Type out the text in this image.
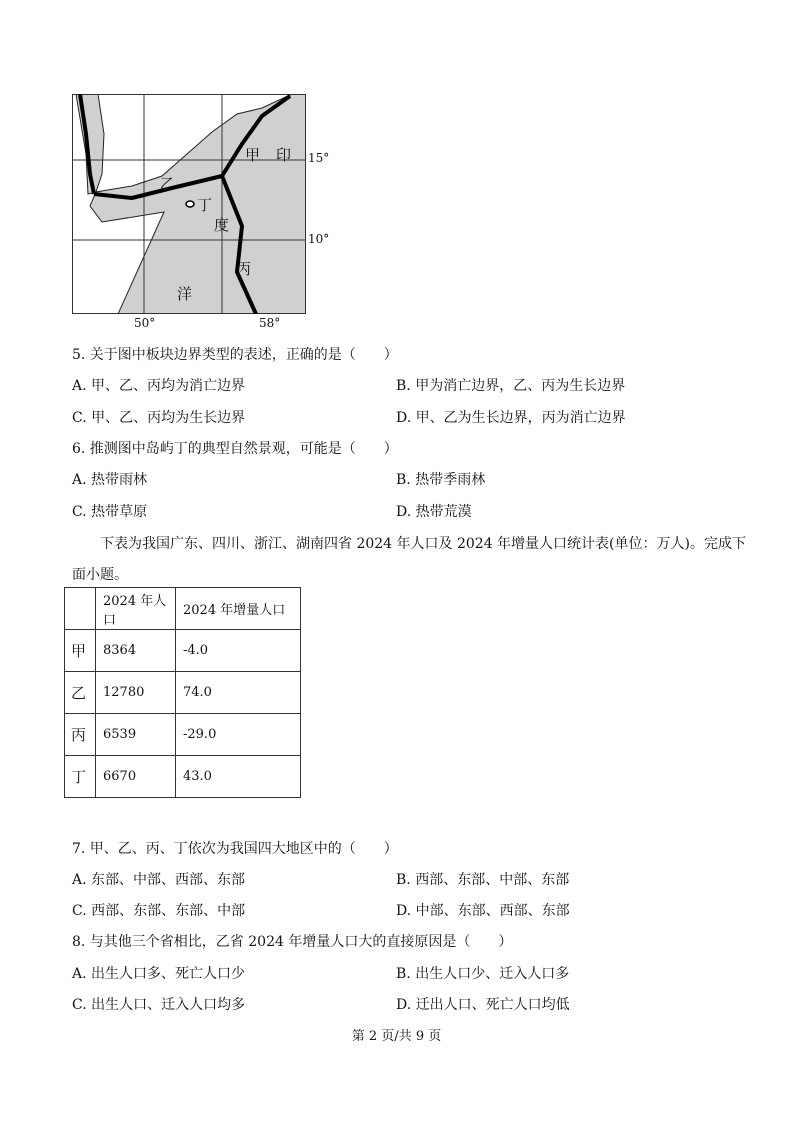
甲 印
乙
丁
度
丙
洋
15°
10°
50°	58°
5. 关于图中板块边界类型的表述，正确的是（　　）
A. 甲、乙、丙均为消亡边界	B. 甲为消亡边界，乙、丙为生长边界
C. 甲、乙、丙均为生长边界	D. 甲、乙为生长边界，丙为消亡边界
6. 推测图中岛屿丁的典型自然景观，可能是（　　）
A. 热带雨林	B. 热带季雨林
C. 热带草原	D. 热带荒漠
下表为我国广东、四川、浙江、湖南四省 2024 年人口及 2024 年增量人口统计表(单位：万人)。完成下
面小题。
	2024 年人口	2024 年增量人口
甲	8364	-4.0
乙	12780	74.0
丙	6539	-29.0
丁	6670	43.0
7. 甲、乙、丙、丁依次为我国四大地区中的（　　）
A. 东部、中部、西部、东部	B. 西部、东部、中部、东部
C. 西部、东部、东部、中部	D. 中部、东部、西部、东部
8. 与其他三个省相比，乙省 2024 年增量人口大的直接原因是（　　）
A. 出生人口多、死亡人口少	B. 出生人口少、迁入人口多
C. 出生人口、迁入人口均多	D. 迁出人口、死亡人口均低
第 2 页/共 9 页
